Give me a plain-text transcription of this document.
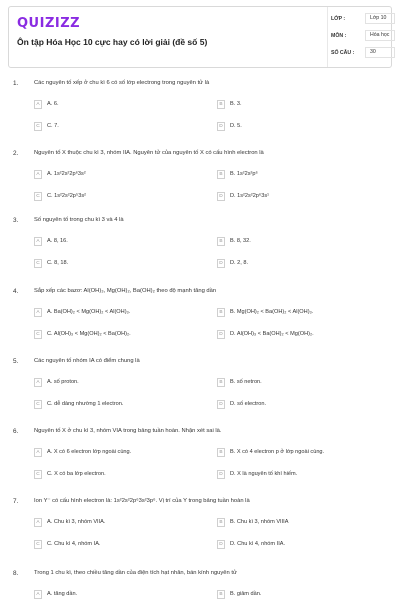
QUIZIZZ
Ôn tập Hóa Học 10 cực hay có lời giải (đề số 5)
LỚP :	Lớp 10
MÔN :	Hóa học
SỐ CÂU :	30
1.	Các nguyên tố xếp ở chu kì 6 có số lớp electrong trong nguyên tử là
A	A. 6.	B	B. 3.
C	C. 7.	D	D. 5.
2.	Nguyên tố X thuộc chu kì 3, nhóm IIA. Nguyên tử của nguyên tố X có cấu hình electron là
A	A. 1s²2s²2p⁶3s²	B	B. 1s²2s²p⁶
C	C. 1s²2s²2p⁵3s²	D	D. 1s²2s²2p⁶3s¹
3.	Số nguyên tố trong chu kì 3 và 4 là
A	A. 8, 16.	B	B. 8, 32.
C	C. 8, 18.	D	D. 2, 8.
4.	Sắp xếp các bazơ: Al(OH)₃, Mg(OH)₂, Ba(OH)₂ theo độ mạnh tăng dần
A	A. Ba(OH)₂ < Mg(OH)₂ < Al(OH)₃.	B	B. Mg(OH)₂ < Ba(OH)₂ < Al(OH)₃.
C	C. Al(OH)₃ < Mg(OH)₂ < Ba(OH)₂.	D	D. Al(OH)₃ < Ba(OH)₂ < Mg(OH)₂.
5.	Các nguyên tố nhóm IA có điểm chung là
A	A. số proton.	B	B. số netron.
C	C. dễ dàng nhường 1 electron.	D	D. số electron.
6.	Nguyên tố X ở chu kì 3, nhóm VIA trong bảng tuần hoàn. Nhận xét sai là.
A	A. X có 6 electron lớp ngoài cùng.	B	B. X có 4 electron p ở lớp ngoài cùng.
C	C. X có ba lớp electron.	D	D. X là nguyên tố khí hiếm.
7.	Ion Y⁻ có cấu hình electron là: 1s²2s²2p⁶3s²3p⁶. Vị trí của Y trong bảng tuần hoàn là
A	A. Chu kì 3, nhóm VIIA.	B	B. Chu kì 3, nhóm VIIIA
C	C. Chu kì 4, nhóm IA.	D	D. Chu kì 4, nhóm IIA.
8.	Trong 1 chu kì, theo chiều tăng dần của điện tích hạt nhân, bán kính nguyên tử
A	A. tăng dần.	B	B. giảm dần.
